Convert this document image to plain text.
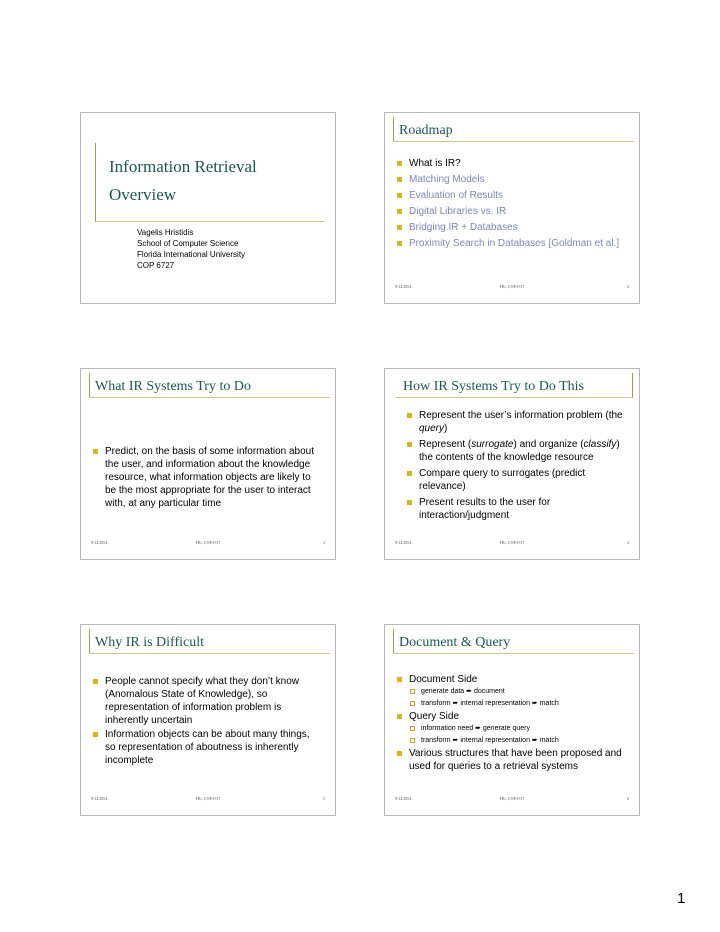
Information Retrieval Overview
Vagelis Hristidis
School of Computer Science
Florida International University
COP 6727
Roadmap
What is IR?
Matching Models
Evaluation of Results
Digital Libraries vs. IR
Bridging IR + Databases
Proximity Search in Databases [Goldman et al.]
9/14/2004	FIU, COP 6727	2
What IR Systems Try to Do
Predict, on the basis of some information about the user, and information about the knowledge resource, what information objects are likely to be the most appropriate for the user to interact with, at any particular time
9/14/2004	FIU, COP 6727	3
How IR Systems Try to Do This
Represent the user’s information problem (the query)
Represent (surrogate) and organize (classify) the contents of the knowledge resource
Compare query to surrogates (predict relevance)
Present results to the user for interaction/judgment
9/14/2004	FIU, COP 6727	4
Why IR is Difficult
People cannot specify what they don’t know (Anomalous State of Knowledge), so representation of information problem is inherently uncertain
Information objects can be about many things, so representation of aboutness is inherently incomplete
9/14/2004	FIU, COP 6727	5
Document & Query
Document Side
generate data ➨ document
transform ➨ internal representation ➨ match
Query Side
information need ➨ generate query
transform ➨ internal representation ➨ match
Various structures that have been proposed and used for queries to a retrieval systems
9/14/2004	FIU, COP 6727	6
1
